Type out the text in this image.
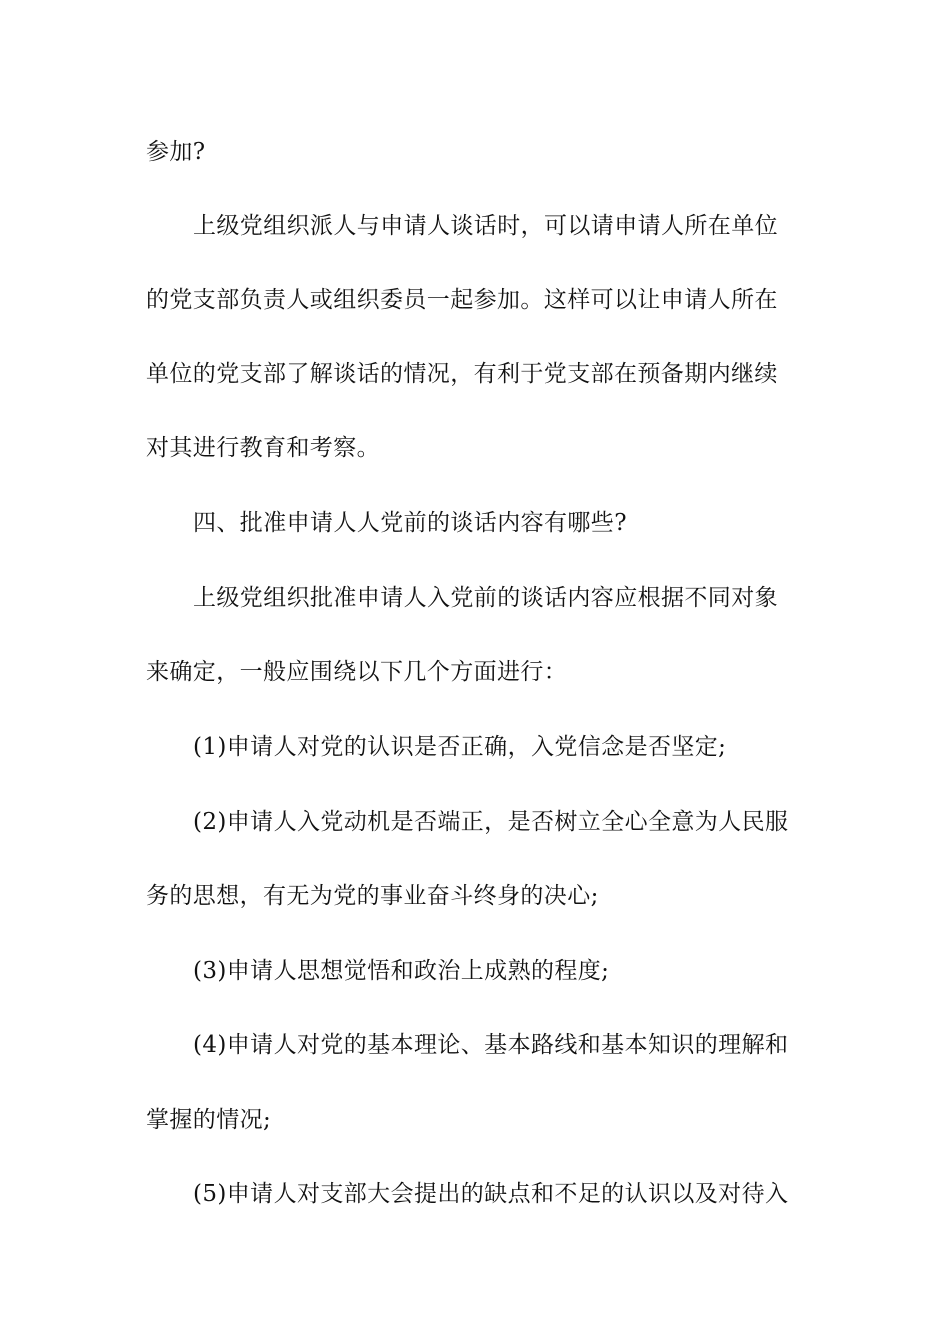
参加?
上级党组织派人与申请人谈话时，可以请申请人所在单位
的党支部负责人或组织委员一起参加。这样可以让申请人所在
单位的党支部了解谈话的情况，有利于党支部在预备期内继续
对其进行教育和考察。
四、批准申请人人党前的谈话内容有哪些?
上级党组织批准申请人入党前的谈话内容应根据不同对象
来确定，一般应围绕以下几个方面进行：
(1)申请人对党的认识是否正确，入党信念是否坚定;
(2)申请人入党动机是否端正，是否树立全心全意为人民服
务的思想，有无为党的事业奋斗终身的决心;
(3)申请人思想觉悟和政治上成熟的程度;
(4)申请人对党的基本理论、基本路线和基本知识的理解和
掌握的情况;
(5)申请人对支部大会提出的缺点和不足的认识以及对待入
